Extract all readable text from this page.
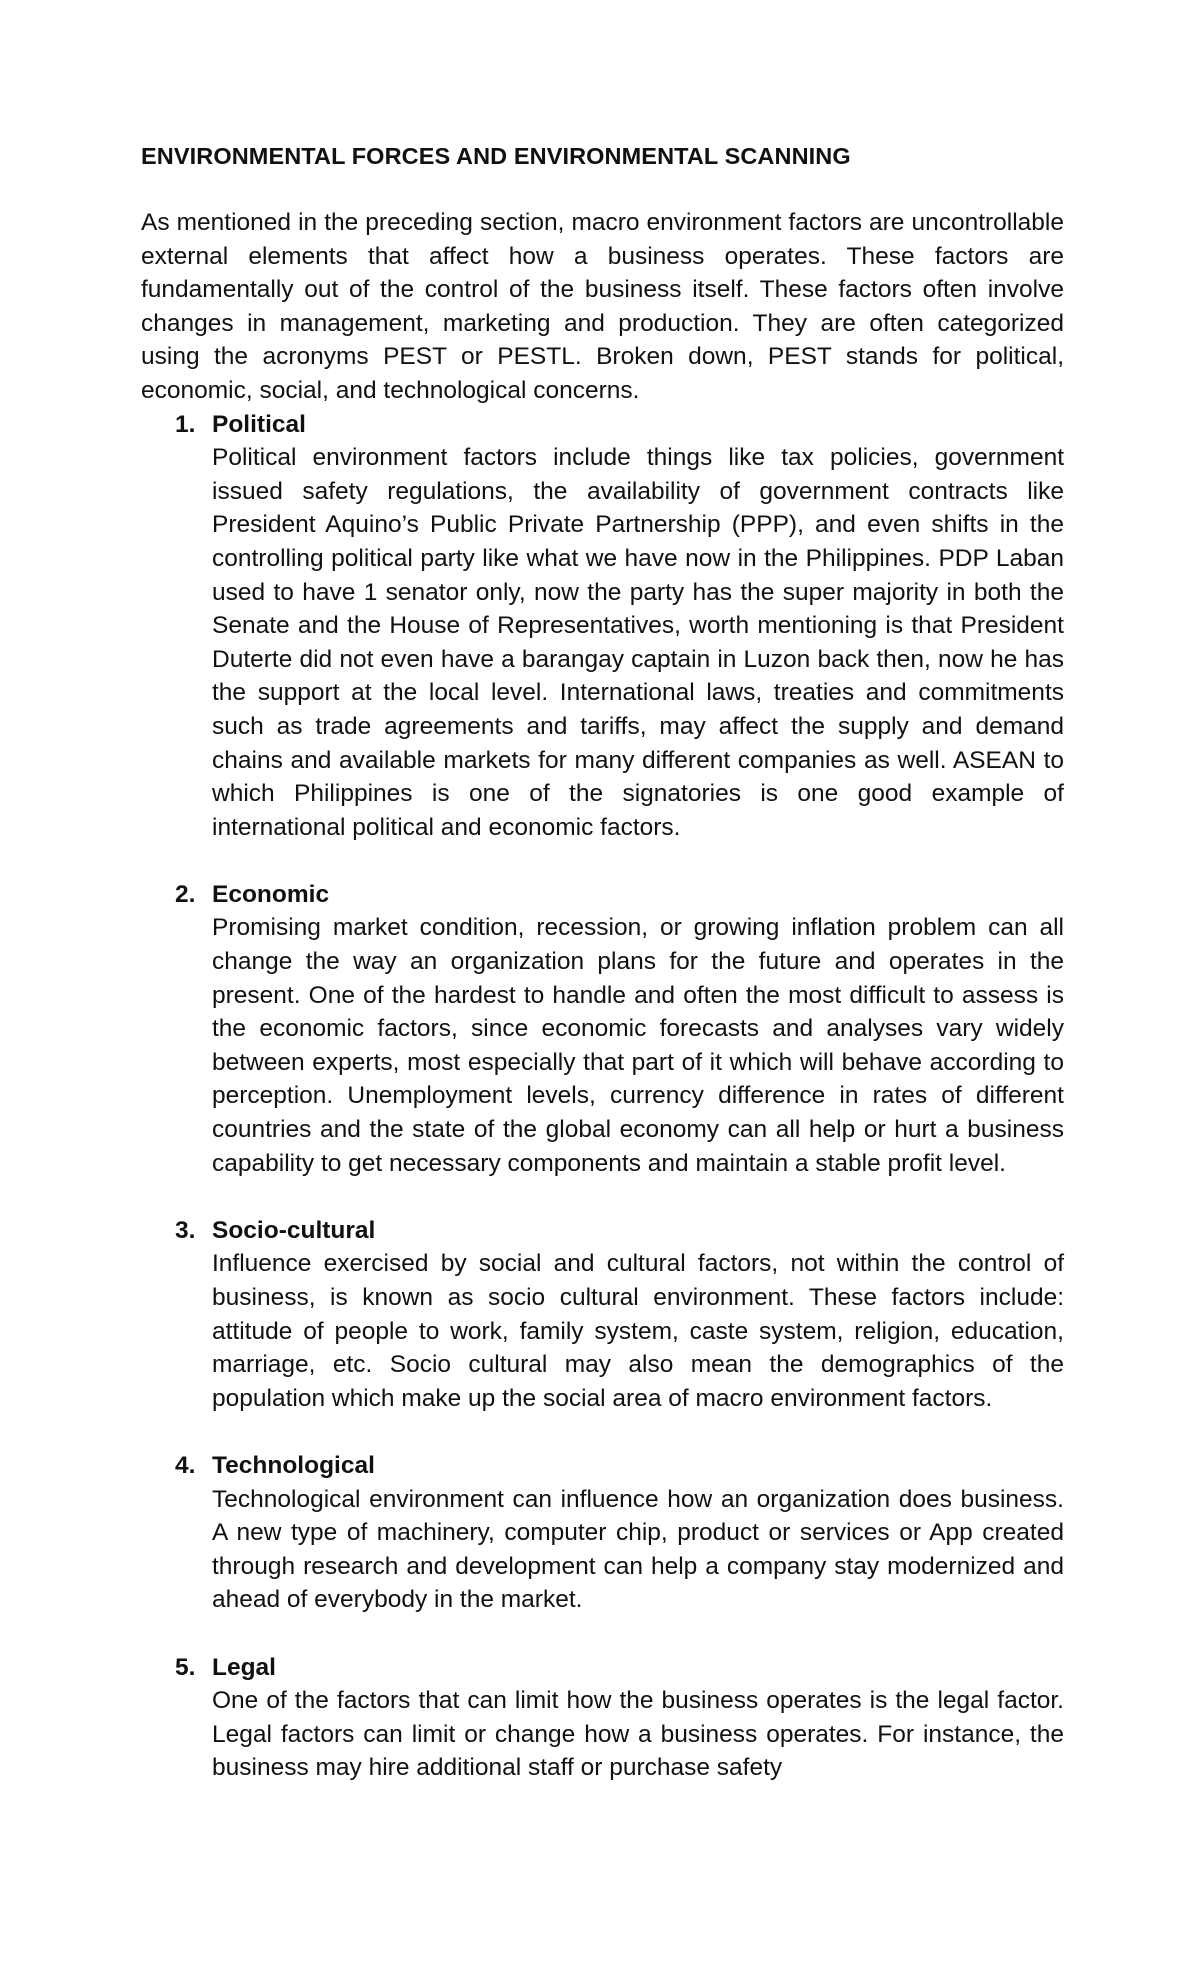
ENVIRONMENTAL FORCES AND ENVIRONMENTAL SCANNING

As mentioned in the preceding section, macro environment factors are uncontrollable external elements that affect how a business operates. These factors are fundamentally out of the control of the business itself. These factors often involve changes in management, marketing and production. They are often categorized using the acronyms PEST or PESTL. Broken down, PEST stands for political, economic, social, and technological concerns.

1. Political

Political environment factors include things like tax policies, government issued safety regulations, the availability of government contracts like President Aquino’s Public Private Partnership (PPP), and even shifts in the controlling political party like what we have now in the Philippines. PDP Laban used to have 1 senator only, now the party has the super majority in both the Senate and the House of Representatives, worth mentioning is that President Duterte did not even have a barangay captain in Luzon back then, now he has the support at the local level. International laws, treaties and commitments such as trade agreements and tariffs, may affect the supply and demand chains and available markets for many different companies as well. ASEAN to which Philippines is one of the signatories is one good example of international political and economic factors.

2. Economic

Promising market condition, recession, or growing inflation problem can all change the way an organization plans for the future and operates in the present. One of the hardest to handle and often the most difficult to assess is the economic factors, since economic forecasts and analyses vary widely between experts, most especially that part of it which will behave according to perception. Unemployment levels, currency difference in rates of different countries and the state of the global economy can all help or hurt a business capability to get necessary components and maintain a stable profit level.

3. Socio-cultural

Influence exercised by social and cultural factors, not within the control of business, is known as socio cultural environment. These factors include: attitude of people to work, family system, caste system, religion, education, marriage, etc. Socio cultural may also mean the demographics of the population which make up the social area of macro environment factors.

4. Technological

Technological environment can influence how an organization does business. A new type of machinery, computer chip, product or services or App created through research and development can help a company stay modernized and ahead of everybody in the market.

5. Legal

One of the factors that can limit how the business operates is the legal factor. Legal factors can limit or change how a business operates. For instance, the business may hire additional staff or purchase safety
